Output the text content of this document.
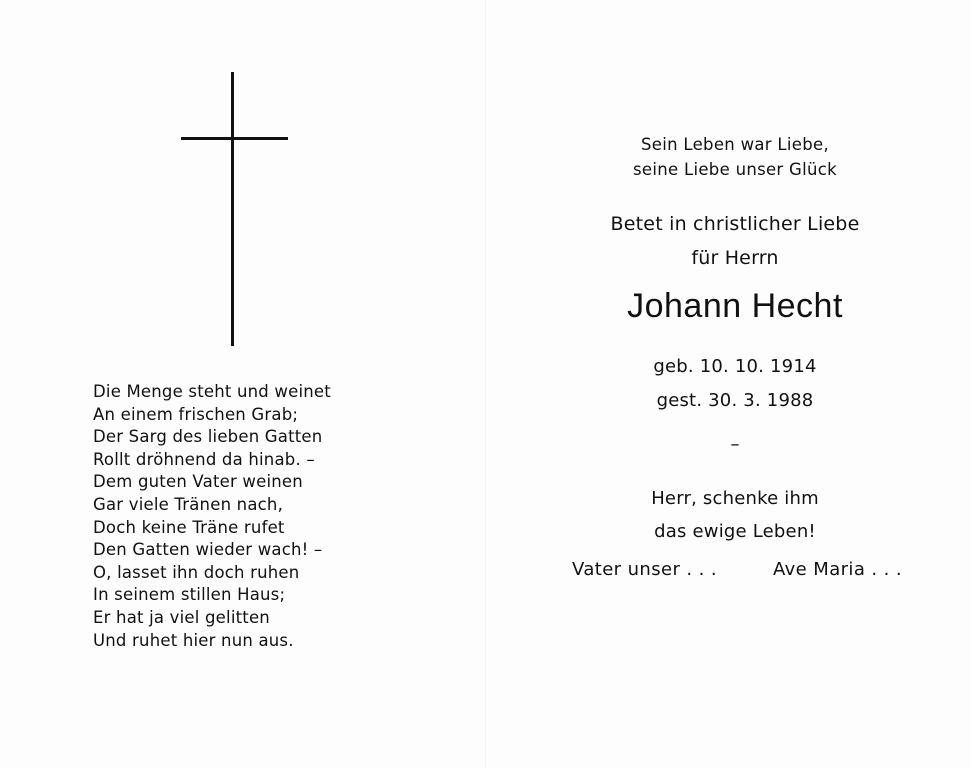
Die Menge steht und weinet
An einem frischen Grab;
Der Sarg des lieben Gatten
Rollt dröhnend da hinab. –
Dem guten Vater weinen
Gar viele Tränen nach,
Doch keine Träne rufet
Den Gatten wieder wach! –
O, lasset ihn doch ruhen
In seinem stillen Haus;
Er hat ja viel gelitten
Und ruhet hier nun aus.
Sein Leben war Liebe,
seine Liebe unser Glück
Betet in christlicher Liebe
für Herrn
Johann Hecht
geb. 10. 10. 1914
gest. 30. 3. 1988
–
Herr, schenke ihm
das ewige Leben!
Vater unser . . .	Ave Maria . . .
